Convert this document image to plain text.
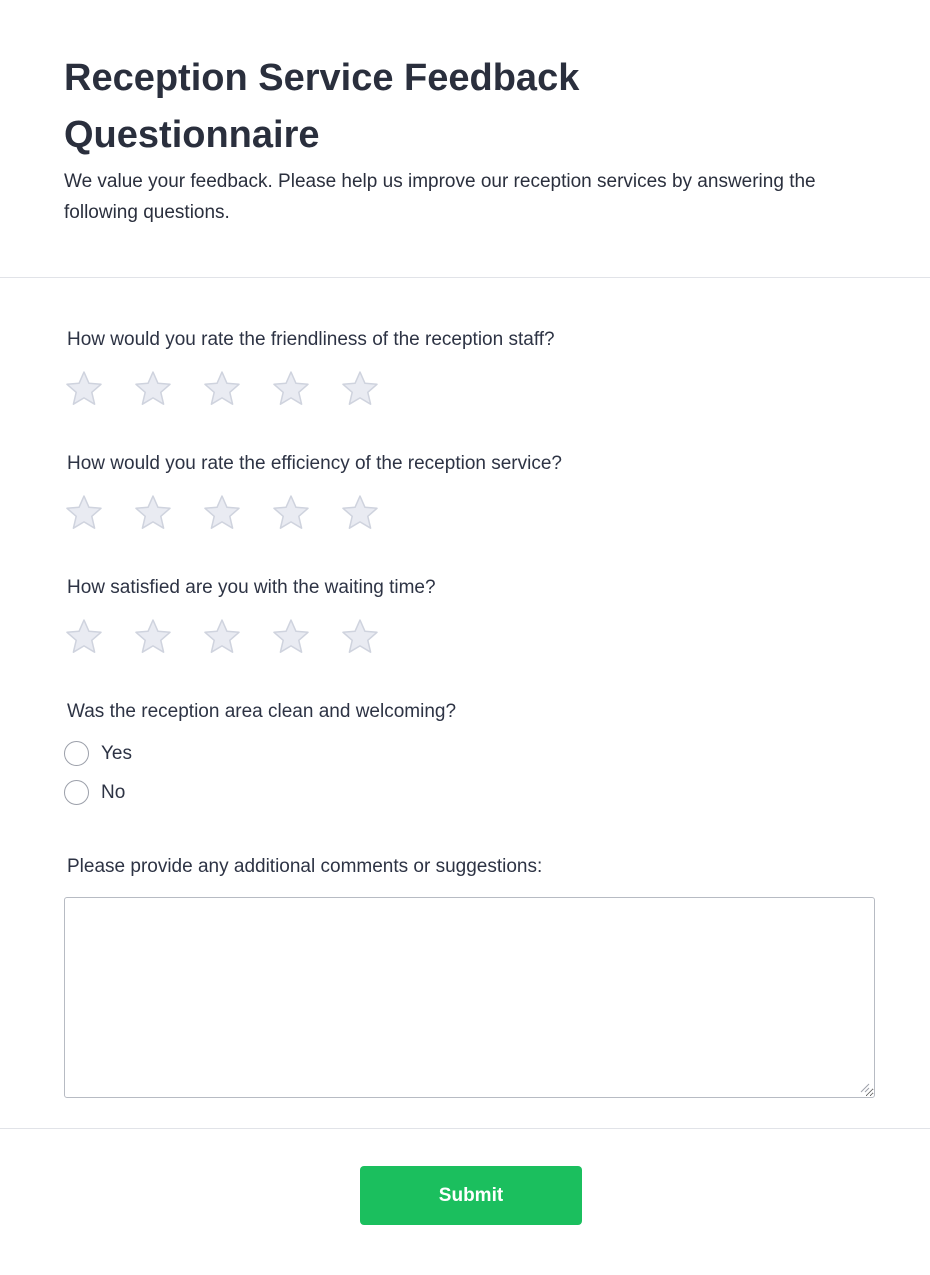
Reception Service Feedback Questionnaire

We value your feedback. Please help us improve our reception services by answering the following questions.

How would you rate the friendliness of the reception staff?
How would you rate the efficiency of the reception service?
How satisfied are you with the waiting time?
Was the reception area clean and welcoming?
Yes
No
Please provide any additional comments or suggestions:
Submit
